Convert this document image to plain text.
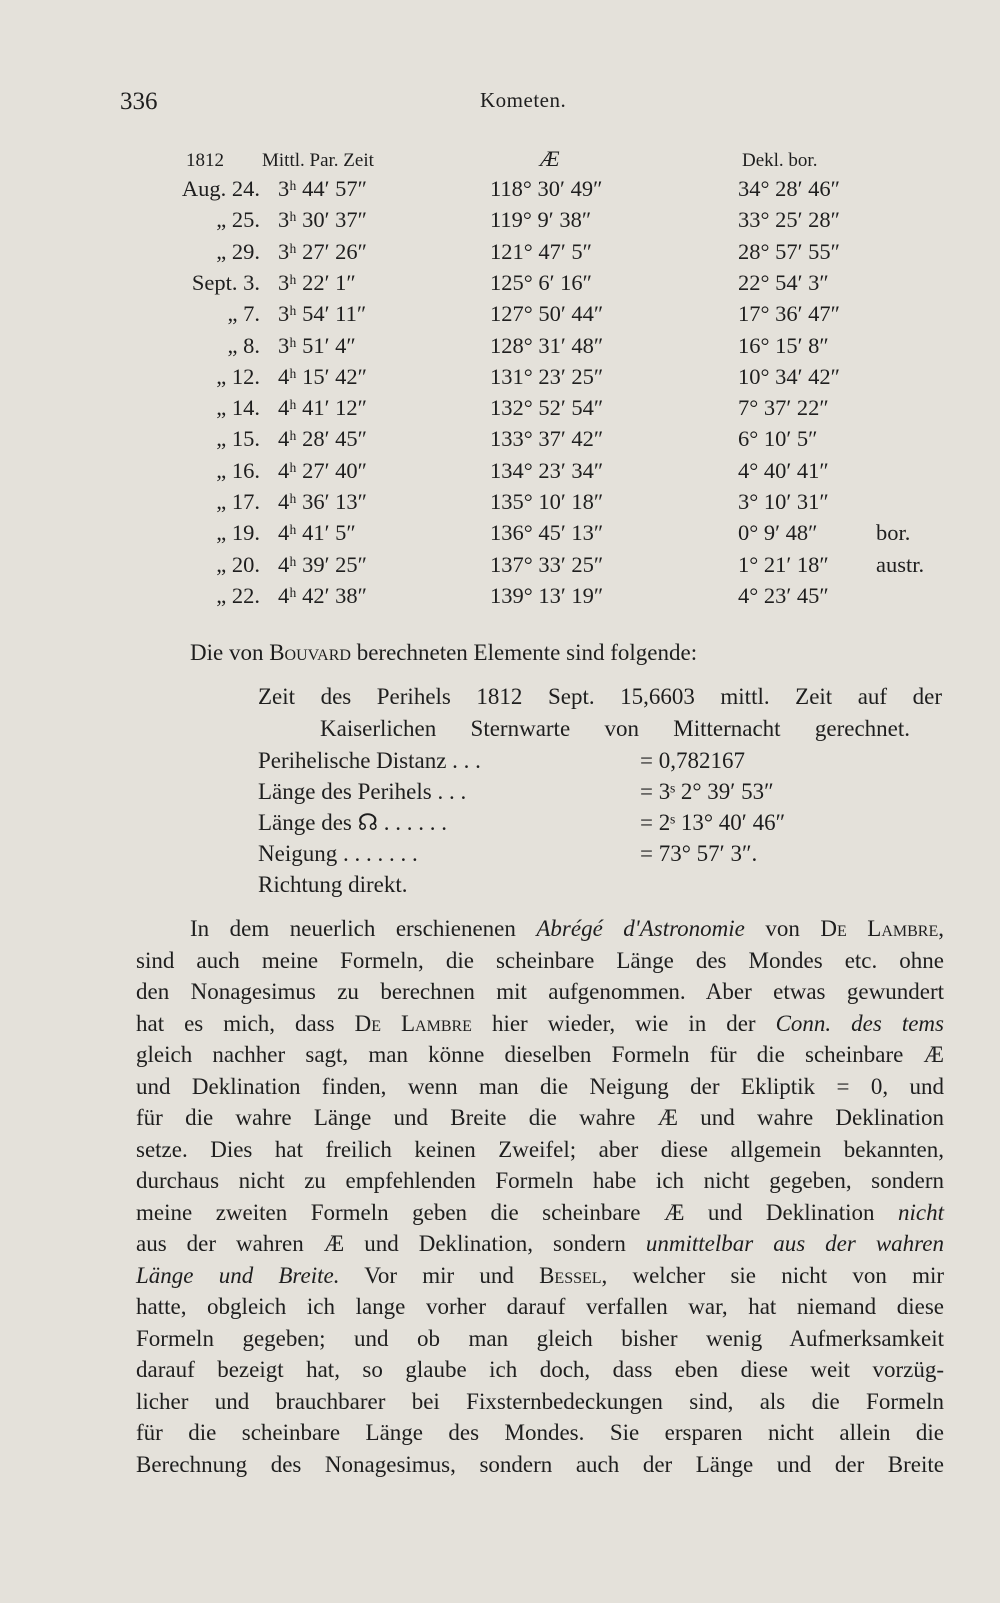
336	Kometen.
1812 Mittl. Par. Zeit	Æ	Dekl. bor.
Aug. 24. 3ʰ 44′ 57″	118° 30′ 49″	34° 28′ 46″
„ 25. 3ʰ 30′ 37″	119° 9′ 38″	33° 25′ 28″
„ 29. 3ʰ 27′ 26″	121° 47′ 5″	28° 57′ 55″
Sept. 3. 3ʰ 22′ 1″	125° 6′ 16″	22° 54′ 3″
„ 7. 3ʰ 54′ 11″	127° 50′ 44″	17° 36′ 47″
„ 8. 3ʰ 51′ 4″	128° 31′ 48″	16° 15′ 8″
„ 12. 4ʰ 15′ 42″	131° 23′ 25″	10° 34′ 42″
„ 14. 4ʰ 41′ 12″	132° 52′ 54″	7° 37′ 22″
„ 15. 4ʰ 28′ 45″	133° 37′ 42″	6° 10′ 5″
„ 16. 4ʰ 27′ 40″	134° 23′ 34″	4° 40′ 41″
„ 17. 4ʰ 36′ 13″	135° 10′ 18″	3° 10′ 31″
„ 19. 4ʰ 41′ 5″	136° 45′ 13″	0° 9′ 48″	bor.
„ 20. 4ʰ 39′ 25″	137° 33′ 25″	1° 21′ 18″ austr.
„ 22. 4ʰ 42′ 38″	139° 13′ 19″	4° 23′ 45″
Die von Bouvard berechneten Elemente sind folgende:
Zeit des Perihels 1812 Sept. 15,6603 mittl. Zeit auf der
Kaiserlichen Sternwarte von Mitternacht gerechnet.
Perihelische Distanz . . .	= 0,782167
Länge des Perihels . . .	= 3ˢ 2° 39′ 53″
Länge des ☊ . . . . . .	= 2ˢ 13° 40′ 46″
Neigung . . . . . . .	= 73° 57′ 3″.
Richtung direkt.
In dem neuerlich erschienenen Abrégé d'Astronomie von De Lambre,
sind auch meine Formeln, die scheinbare Länge des Mondes etc. ohne
den Nonagesimus zu berechnen mit aufgenommen. Aber etwas gewundert
hat es mich, dass De Lambre hier wieder, wie in der Conn. des tems
gleich nachher sagt, man könne dieselben Formeln für die scheinbare Æ
und Deklination finden, wenn man die Neigung der Ekliptik = 0, und
für die wahre Länge und Breite die wahre Æ und wahre Deklination
setze. Dies hat freilich keinen Zweifel; aber diese allgemein bekannten,
durchaus nicht zu empfehlenden Formeln habe ich nicht gegeben, sondern
meine zweiten Formeln geben die scheinbare Æ und Deklination nicht
aus der wahren Æ und Deklination, sondern unmittelbar aus der wahren
Länge und Breite. Vor mir und Bessel, welcher sie nicht von mir
hatte, obgleich ich lange vorher darauf verfallen war, hat niemand diese
Formeln gegeben; und ob man gleich bisher wenig Aufmerksamkeit
darauf bezeigt hat, so glaube ich doch, dass eben diese weit vorzüg-
licher und brauchbarer bei Fixsternbedeckungen sind, als die Formeln
für die scheinbare Länge des Mondes. Sie ersparen nicht allein die
Berechnung des Nonagesimus, sondern auch der Länge und der Breite
